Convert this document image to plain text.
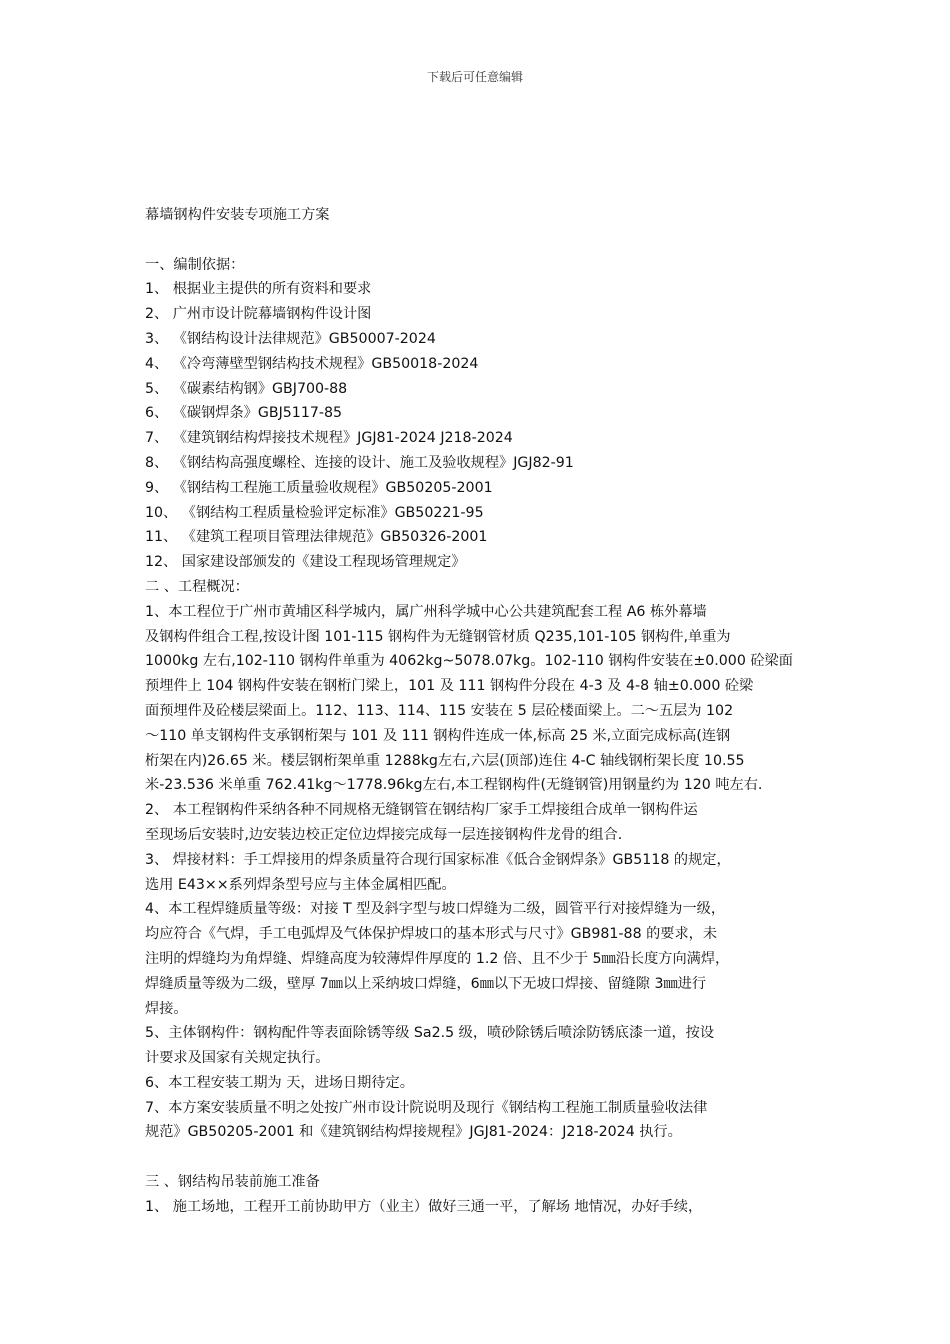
下载后可任意编辑
幕墙钢构件安装专项施工方案
一、编制依据：
1、 根据业主提供的所有资料和要求
2、 广州市设计院幕墙钢构件设计图
3、 《钢结构设计法律规范》GB50007-2024
4、 《冷弯薄壁型钢结构技术规程》GB50018-2024
5、 《碳素结构钢》GBJ700-88
6、 《碳钢焊条》GBJ5117-85
7、 《建筑钢结构焊接技术规程》JGJ81-2024 J218-2024
8、 《钢结构高强度螺栓、连接的设计、施工及验收规程》JGJ82-91
9、 《钢结构工程施工质量验收规程》GB50205-2001
10、 《钢结构工程质量检验评定标准》GB50221-95
11、 《建筑工程项目管理法律规范》GB50326-2001
12、 国家建设部颁发的《建设工程现场管理规定》
二 、工程概况：
1、本工程位于广州市黄埔区科学城内，属广州科学城中心公共建筑配套工程 A6 栋外幕墙
及钢构件组合工程,按设计图 101-115 钢构件为无缝钢管材质 Q235,101-105 钢构件,单重为
1000kg 左右,102-110 钢构件单重为 4062kg~5078.07kg。102-110 钢构件安装在±0.000 砼梁面
预埋件上 104 钢构件安装在钢桁门梁上，101 及 111 钢构件分段在 4-3 及 4-8 轴±0.000 砼梁
面预埋件及砼楼层梁面上。112、113、114、115 安装在 5 层砼楼面梁上。二～五层为 102
～110 单支钢构件支承钢桁架与 101 及 111 钢构件连成一体,标高 25 米,立面完成标高(连钢
桁架在内)26.65 米。楼层钢桁架单重 1288kg左右,六层(顶部)连住 4-C 轴线钢桁架长度 10.55
米-23.536 米单重 762.41kg～1778.96kg左右,本工程钢构件(无缝钢管)用钢量约为 120 吨左右.
2、 本工程钢构件采纳各种不同规格无缝钢管在钢结构厂家手工焊接组合成单一钢构件运
至现场后安装时,边安装边校正定位边焊接完成每一层连接钢构件龙骨的组合.
3、 焊接材料：手工焊接用的焊条质量符合现行国家标准《低合金钢焊条》GB5118 的规定，
选用 E43××系列焊条型号应与主体金属相匹配。
4、本工程焊缝质量等级：对接 T 型及斜字型与坡口焊缝为二级，圆管平行对接焊缝为一级，
均应符合《气焊，手工电弧焊及气体保护焊坡口的基本形式与尺寸》GB981-88 的要求，未
注明的焊缝均为角焊缝、焊缝高度为较薄焊件厚度的 1.2 倍、且不少于 5㎜沿长度方向满焊，
焊缝质量等级为二级，壁厚 7㎜以上采纳坡口焊缝，6㎜以下无坡口焊接、留缝隙 3㎜进行
焊接。
5、主体钢构件：钢构配件等表面除锈等级 Sa2.5 级，喷砂除锈后喷涂防锈底漆一道，按设
计要求及国家有关规定执行。
6、本工程安装工期为 天，进场日期待定。
7、本方案安装质量不明之处按广州市设计院说明及现行《钢结构工程施工制质量验收法律
规范》GB50205-2001 和《建筑钢结构焊接规程》JGJ81-2024：J218-2024 执行。
三 、钢结构吊装前施工准备
1、 施工场地，工程开工前协助甲方（业主）做好三通一平，了解场 地情况，办好手续，
